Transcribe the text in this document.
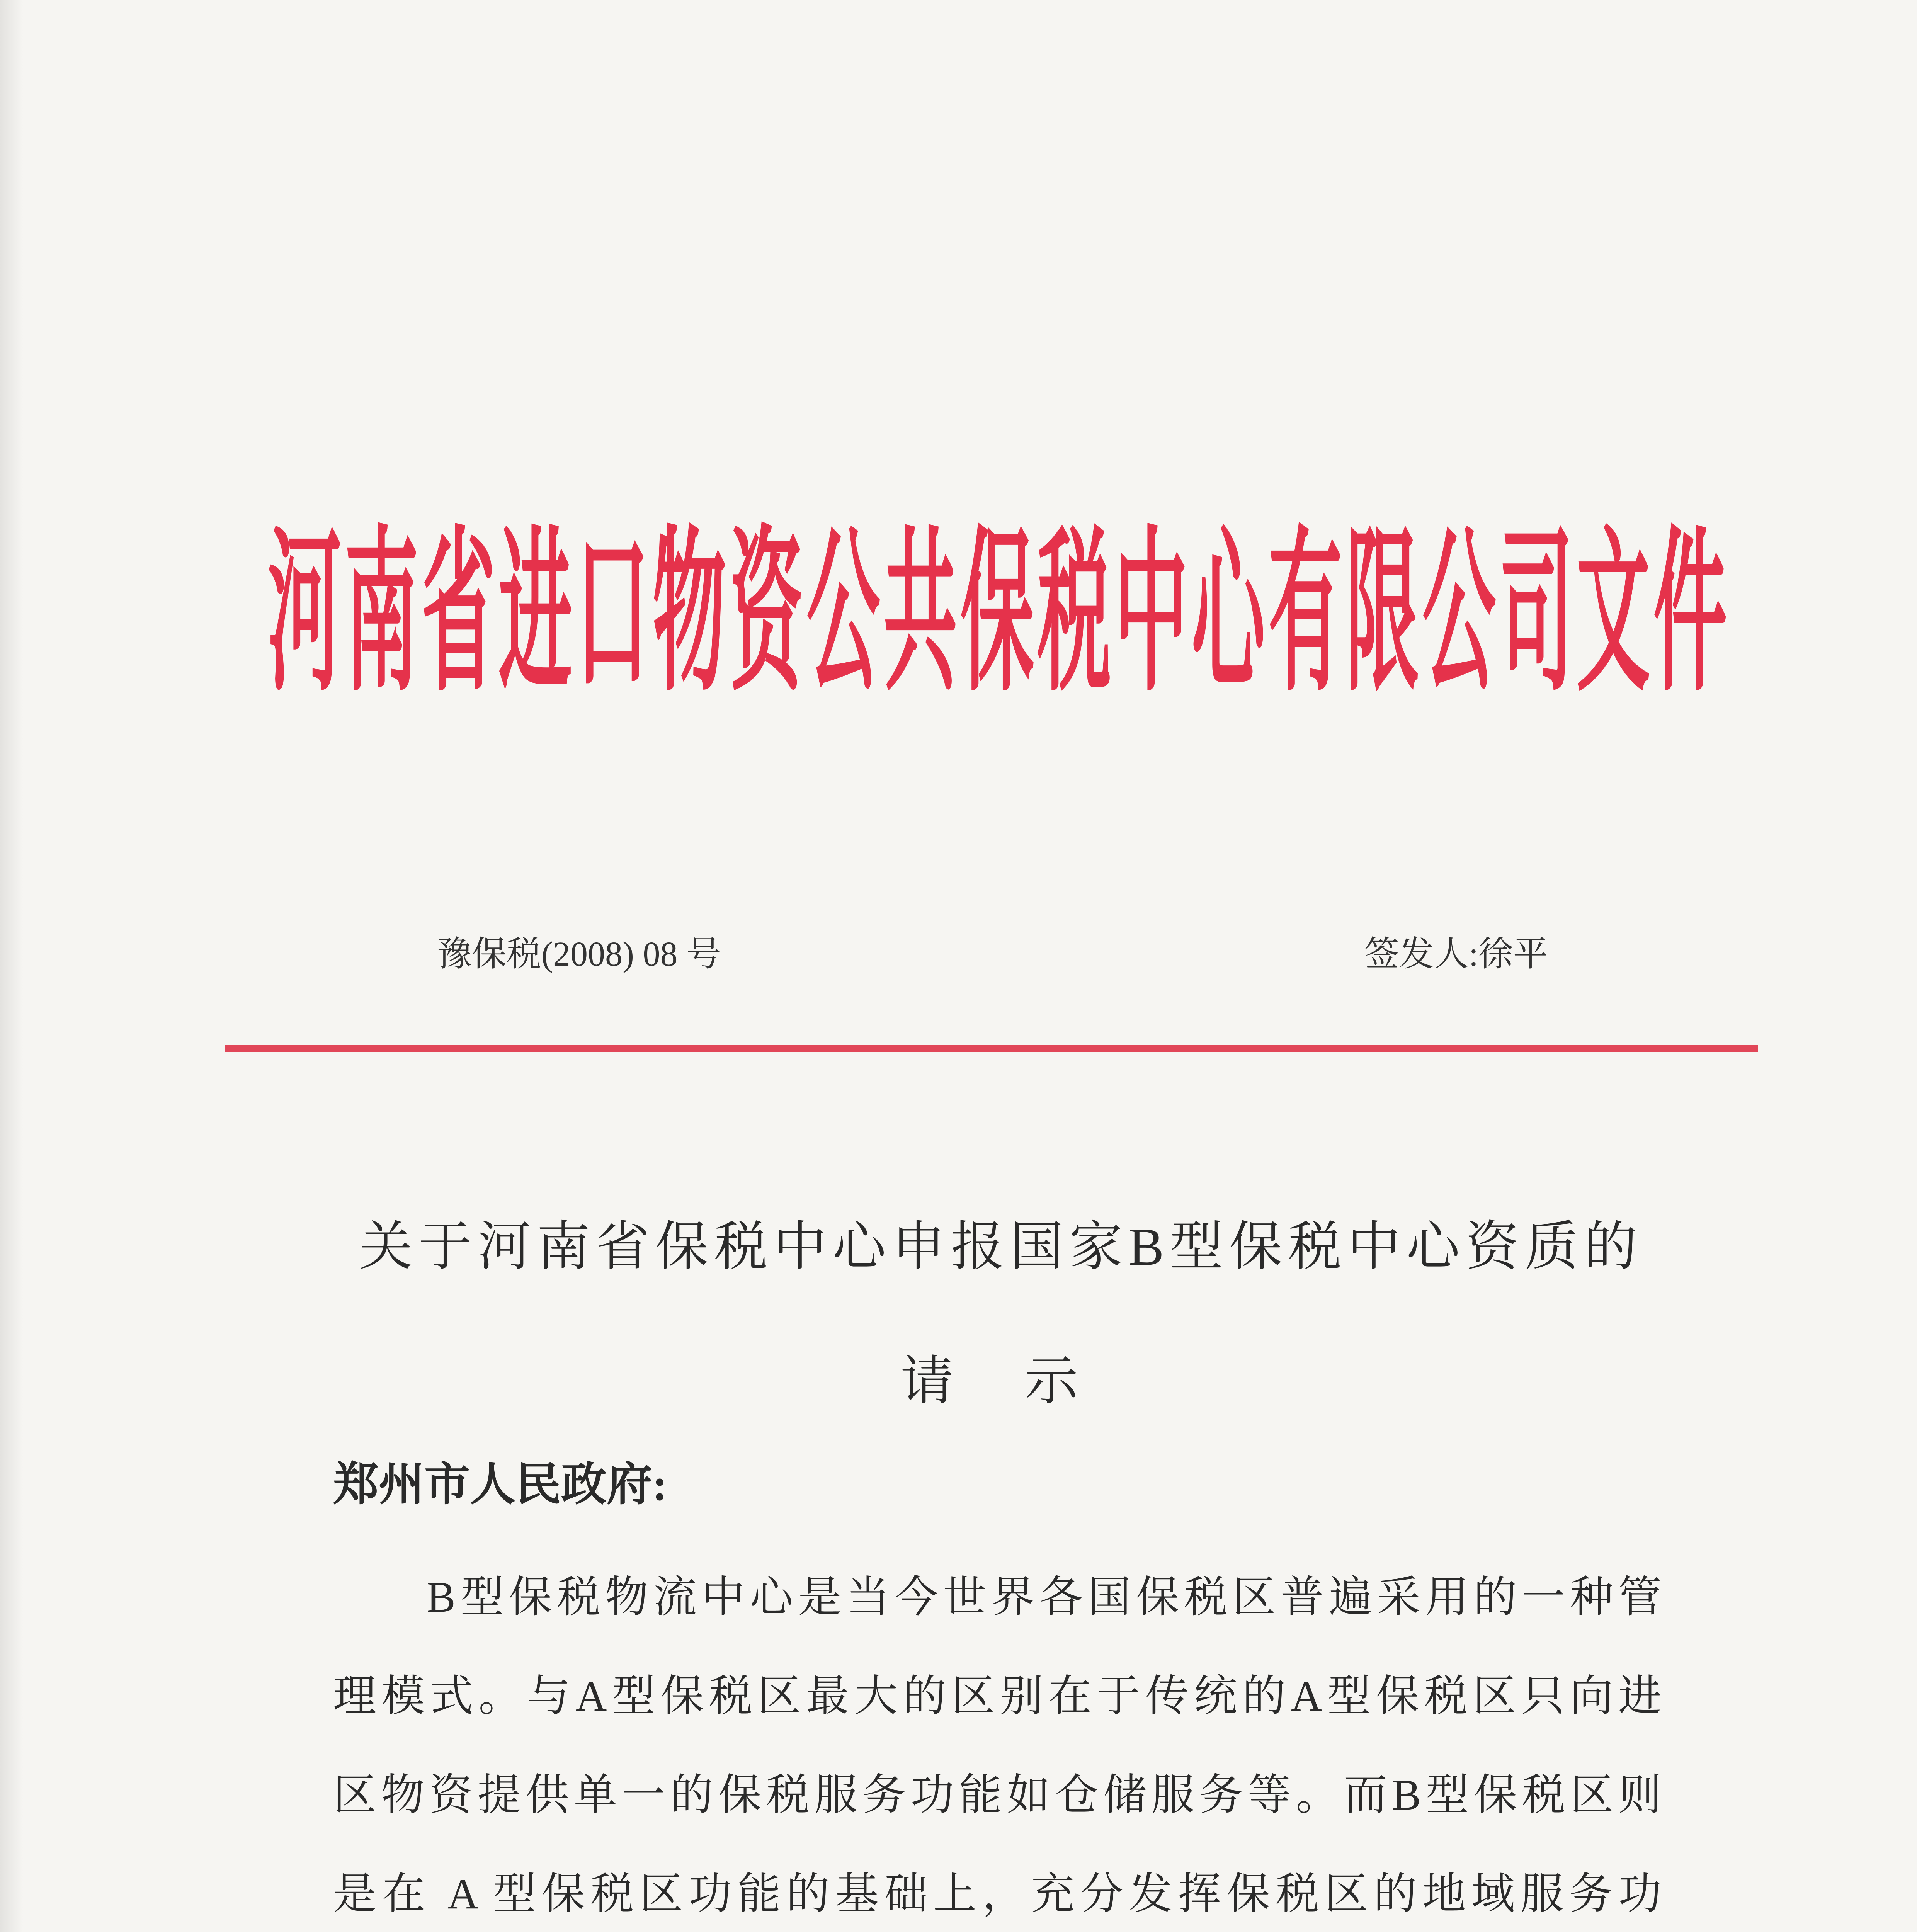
河南省进口物资公共保税中心有限公司文件
豫保税(2008) 08 号	签发人:徐平
关于河南省保税中心申报国家B型保税中心资质的
请 示
郑州市人民政府:
B型保税物流中心是当今世界各国保税区普遍采用的一种管
理模式。与A型保税区最大的区别在于传统的A型保税区只向进
区物资提供单一的保税服务功能如仓储服务等。而B型保税区则
是在 A 型保税区功能的基础上，充分发挥保税区的地域服务功
